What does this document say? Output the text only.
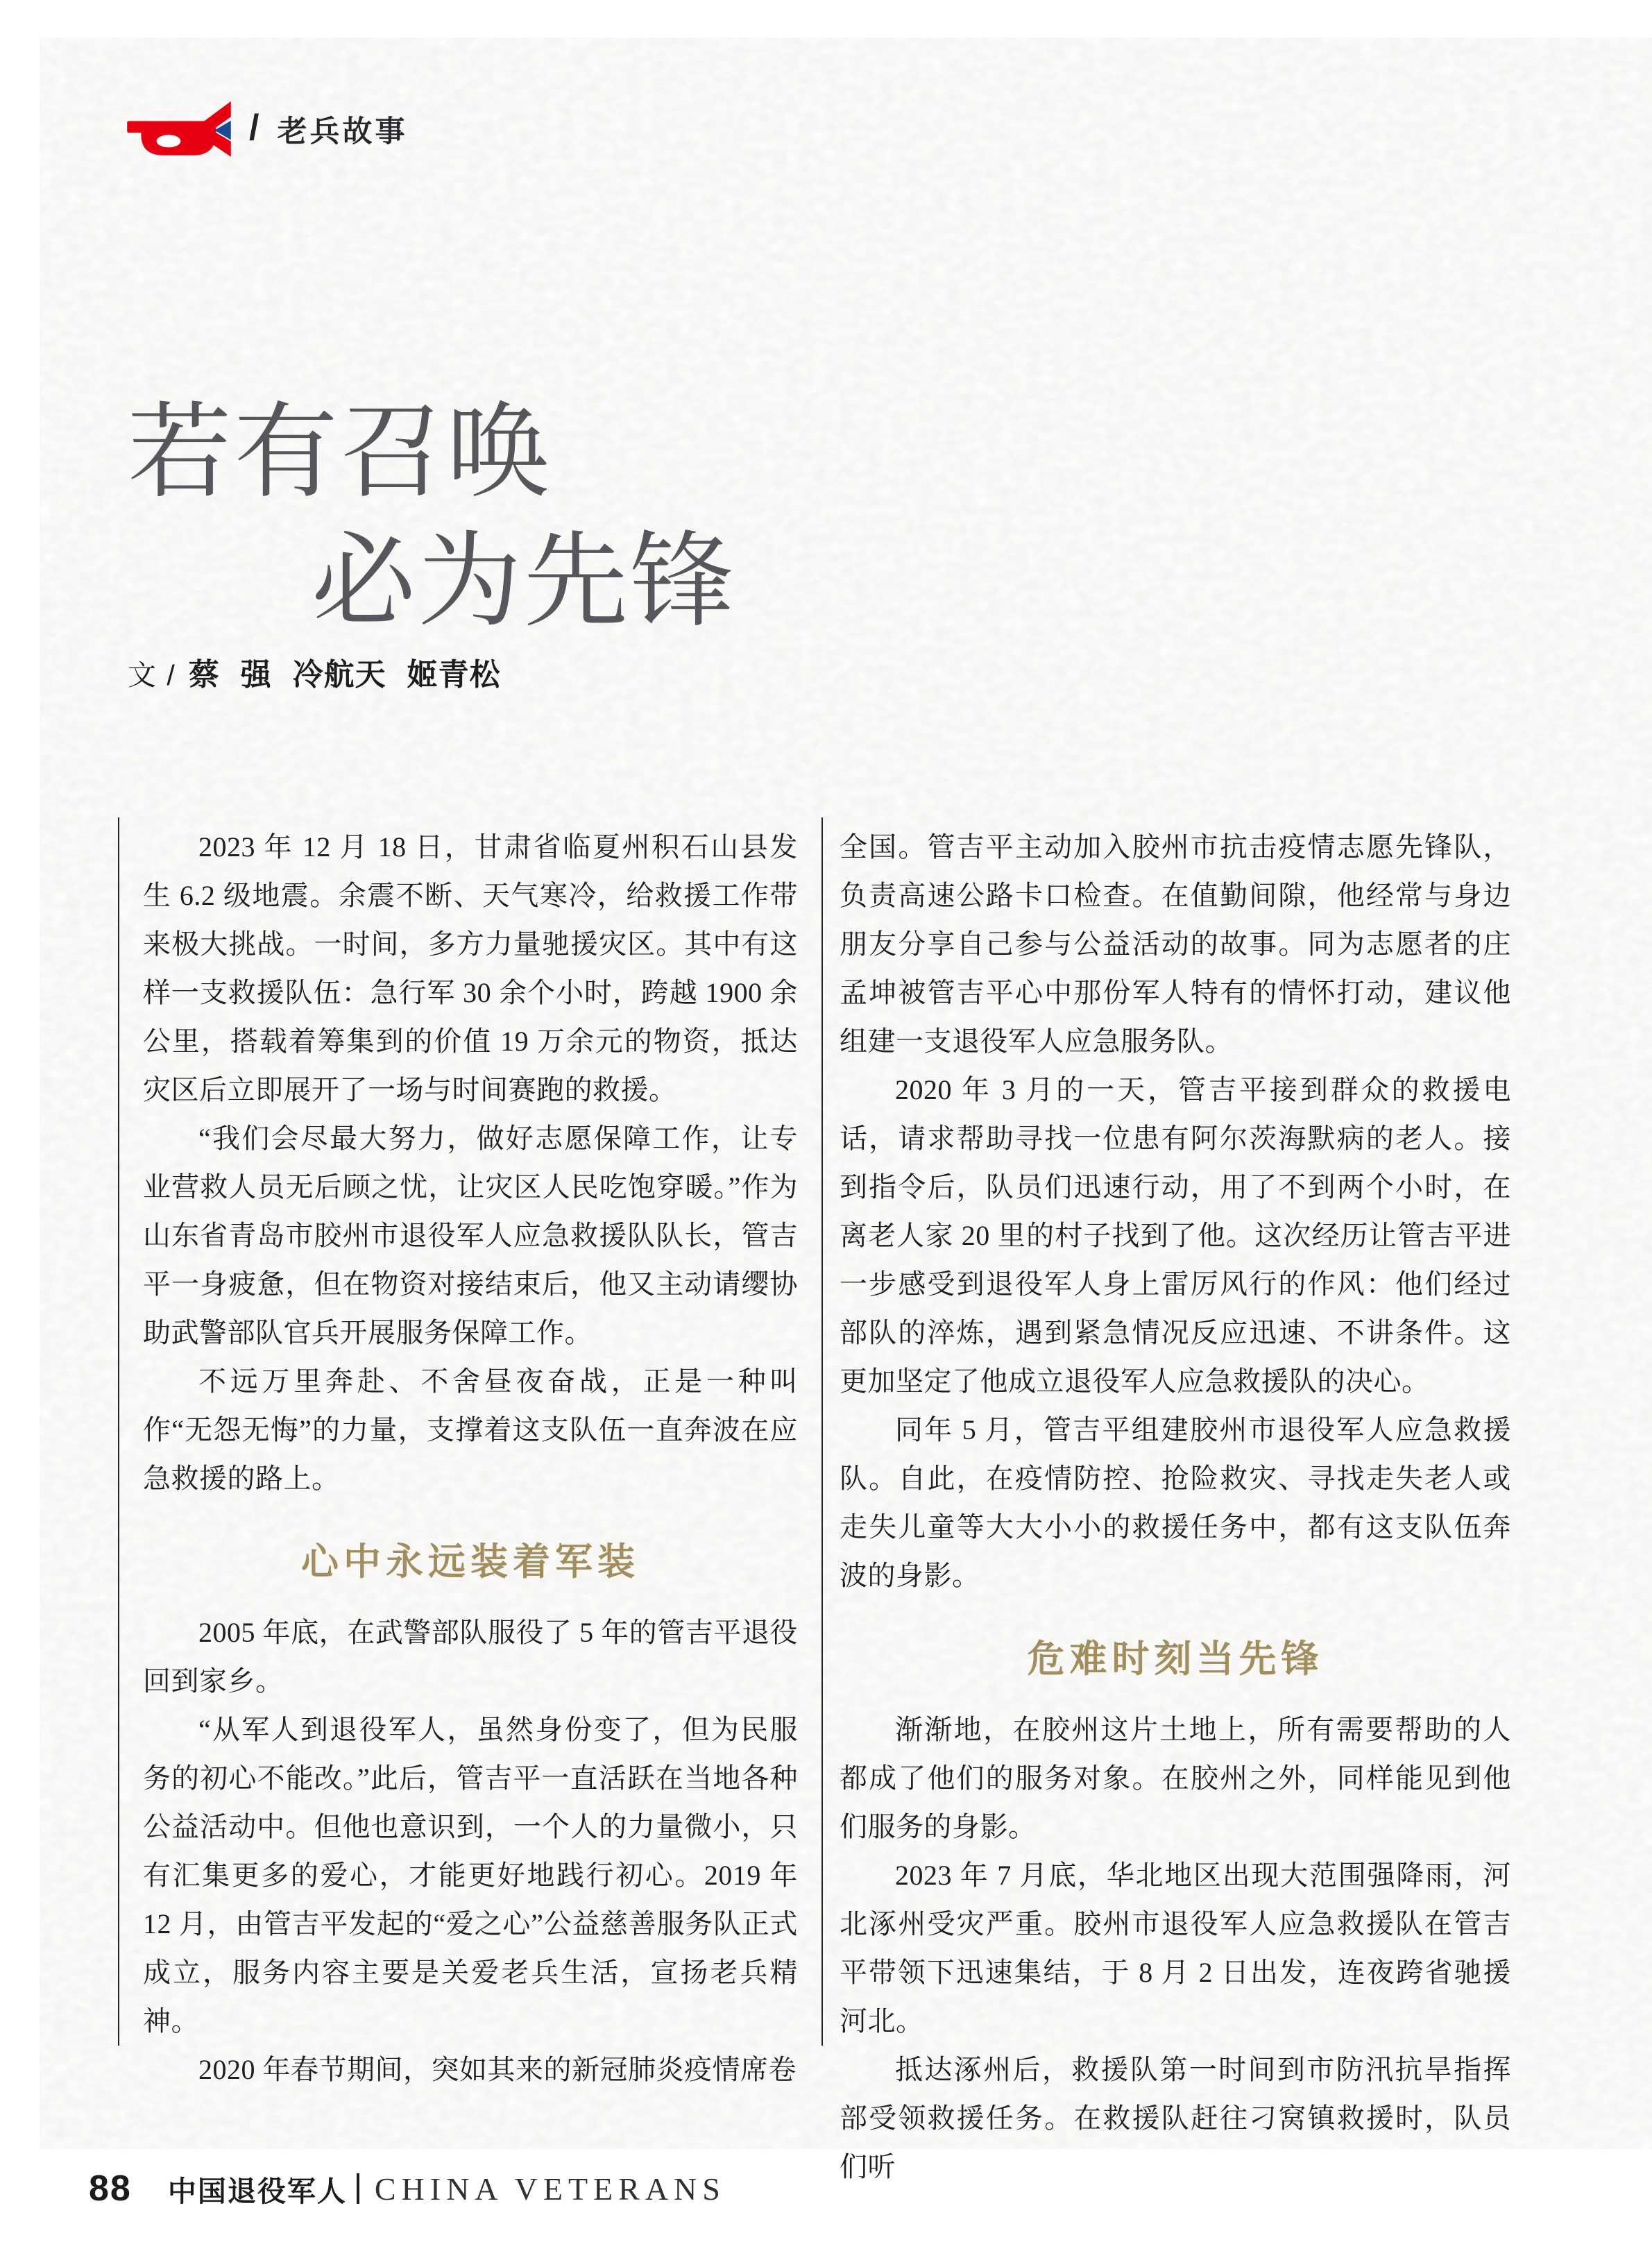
/ 老兵故事
若有召唤
必为先锋
文 / 蔡 强 冷航天 姬青松

2023 年 12 月 18 日，甘肃省临夏州积石山县发生 6.2 级地震。余震不断、天气寒冷，给救援工作带来极大挑战。一时间，多方力量驰援灾区。其中有这样一支救援队伍：急行军 30 余个小时，跨越 1900 余公里，搭载着筹集到的价值 19 万余元的物资，抵达灾区后立即展开了一场与时间赛跑的救援。

“我们会尽最大努力，做好志愿保障工作，让专业营救人员无后顾之忧，让灾区人民吃饱穿暖。”作为山东省青岛市胶州市退役军人应急救援队队长，管吉平一身疲惫，但在物资对接结束后，他又主动请缨协助武警部队官兵开展服务保障工作。

不远万里奔赴、不舍昼夜奋战，正是一种叫作“无怨无悔”的力量，支撑着这支队伍一直奔波在应急救援的路上。

心中永远装着军装

2005 年底，在武警部队服役了 5 年的管吉平退役回到家乡。

“从军人到退役军人，虽然身份变了，但为民服务的初心不能改。”此后，管吉平一直活跃在当地各种公益活动中。但他也意识到，一个人的力量微小，只有汇集更多的爱心，才能更好地践行初心。2019 年 12 月，由管吉平发起的“爱之心”公益慈善服务队正式成立，服务内容主要是关爱老兵生活，宣扬老兵精神。

2020 年春节期间，突如其来的新冠肺炎疫情席卷

全国。管吉平主动加入胶州市抗击疫情志愿先锋队，负责高速公路卡口检查。在值勤间隙，他经常与身边朋友分享自己参与公益活动的故事。同为志愿者的庄孟坤被管吉平心中那份军人特有的情怀打动，建议他组建一支退役军人应急服务队。

2020 年 3 月的一天，管吉平接到群众的救援电话，请求帮助寻找一位患有阿尔茨海默病的老人。接到指令后，队员们迅速行动，用了不到两个小时，在离老人家 20 里的村子找到了他。这次经历让管吉平进一步感受到退役军人身上雷厉风行的作风：他们经过部队的淬炼，遇到紧急情况反应迅速、不讲条件。这更加坚定了他成立退役军人应急救援队的决心。

同年 5 月，管吉平组建胶州市退役军人应急救援队。自此，在疫情防控、抢险救灾、寻找走失老人或走失儿童等大大小小的救援任务中，都有这支队伍奔波的身影。

危难时刻当先锋

渐渐地，在胶州这片土地上，所有需要帮助的人都成了他们的服务对象。在胶州之外，同样能见到他们服务的身影。

2023 年 7 月底，华北地区出现大范围强降雨，河北涿州受灾严重。胶州市退役军人应急救援队在管吉平带领下迅速集结，于 8 月 2 日出发，连夜跨省驰援河北。

抵达涿州后，救援队第一时间到市防汛抗旱指挥部受领救援任务。在救援队赶往刁窝镇救援时，队员们听

88 中国退役军人 CHINA VETERANS
